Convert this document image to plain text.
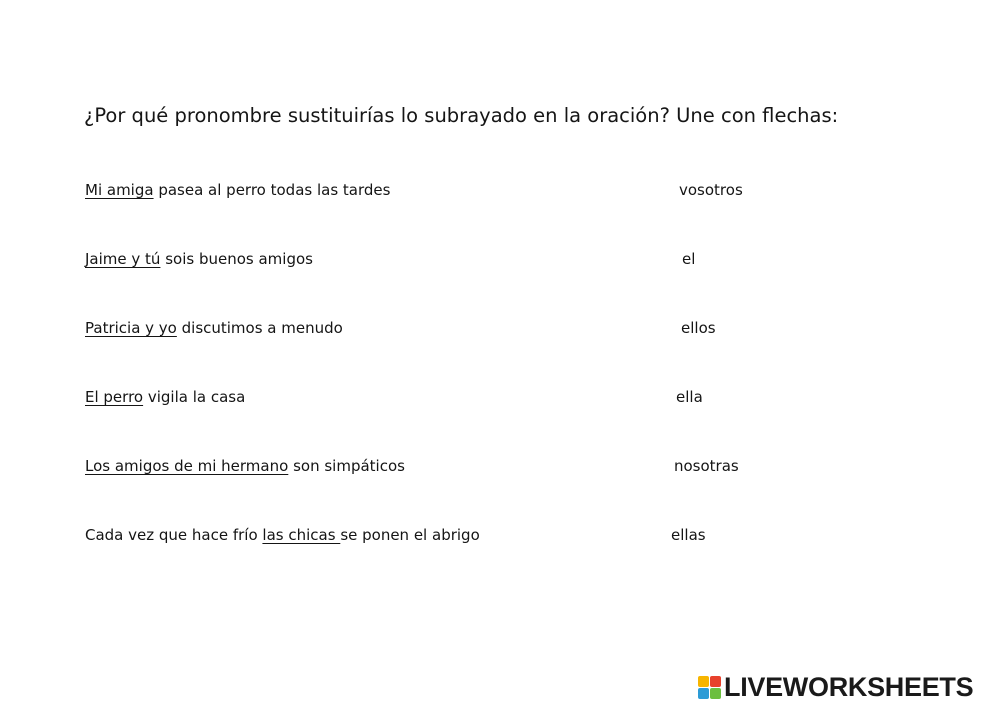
¿Por qué pronombre sustituirías lo subrayado en la oración? Une con flechas:
Mi amiga pasea al perro todas las tardes	vosotros
Jaime y tú sois buenos amigos	el
Patricia y yo discutimos a menudo	ellos
El perro vigila la casa	ella
Los amigos de mi hermano son simpáticos	nosotras
Cada vez que hace frío las chicas se ponen el abrigo	ellas
LIVEWORKSHEETS
